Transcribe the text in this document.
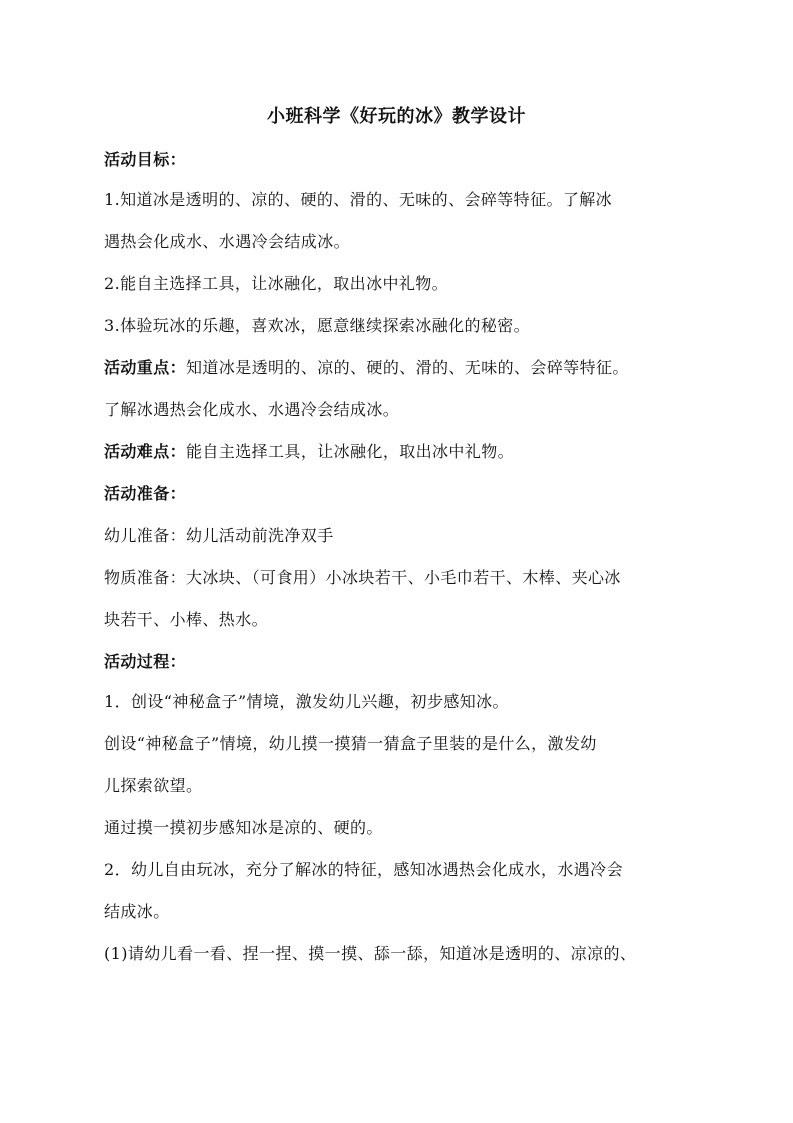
小班科学《好玩的冰》教学设计
活动目标：
1.知道冰是透明的、凉的、硬的、滑的、无味的、会碎等特征。了解冰
遇热会化成水、水遇冷会结成冰。
2.能自主选择工具，让冰融化，取出冰中礼物。
3.体验玩冰的乐趣，喜欢冰，愿意继续探索冰融化的秘密。
活动重点：知道冰是透明的、凉的、硬的、滑的、无味的、会碎等特征。
了解冰遇热会化成水、水遇冷会结成冰。
活动难点：能自主选择工具，让冰融化，取出冰中礼物。
活动准备：
幼儿准备：幼儿活动前洗净双手
物质准备：大冰块、（可食用）小冰块若干、小毛巾若干、木棒、夹心冰
块若干、小棒、热水。
活动过程：
1．创设“神秘盒子”情境，激发幼儿兴趣，初步感知冰。
创设“神秘盒子”情境，幼儿摸一摸猜一猜盒子里装的是什么，激发幼
儿探索欲望。
通过摸一摸初步感知冰是凉的、硬的。
2．幼儿自由玩冰，充分了解冰的特征，感知冰遇热会化成水，水遇冷会
结成冰。
(1)请幼儿看一看、捏一捏、摸一摸、舔一舔，知道冰是透明的、凉凉的、
